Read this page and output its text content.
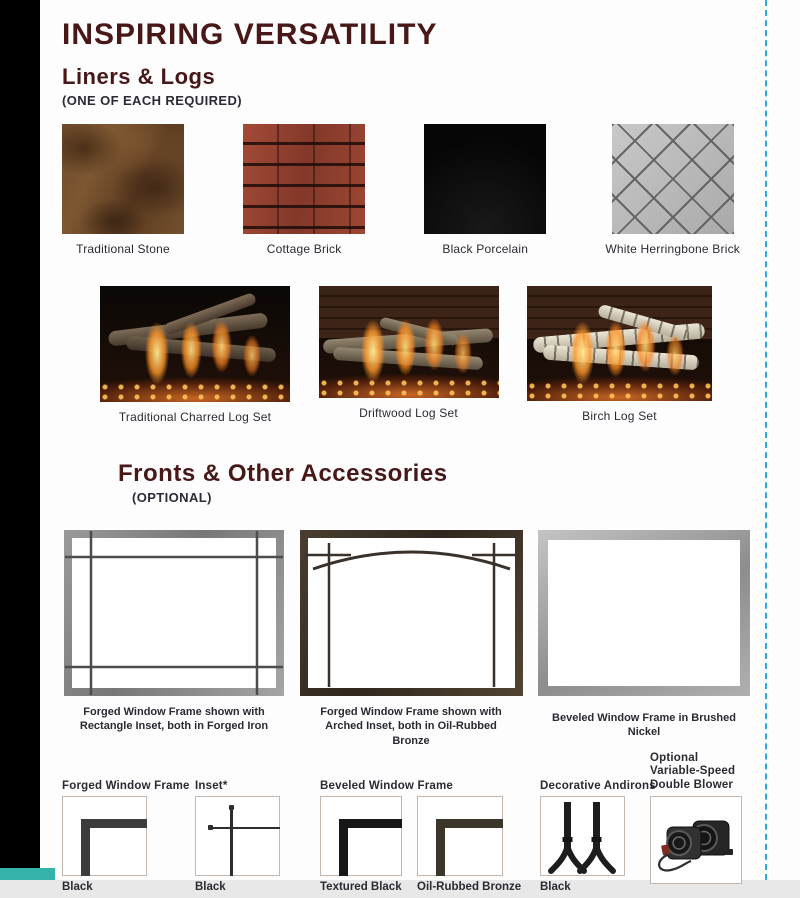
INSPIRING VERSATILITY
Liners & Logs
(ONE OF EACH REQUIRED)
Traditional Stone	Cottage Brick	Black Porcelain	White Herringbone Brick
Traditional Charred Log Set	Driftwood Log Set	Birch Log Set
Fronts & Other Accessories
(OPTIONAL)
Forged Window Frame shown with Rectangle Inset, both in Forged Iron
Forged Window Frame shown with Arched Inset, both in Oil-Rubbed Bronze
Beveled Window Frame in Brushed Nickel
Forged Window Frame
Black
Inset*
Black
Beveled Window Frame
Textured Black Oil-Rubbed Bronze
Decorative Andirons
Black
Optional Variable-Speed Double Blower
